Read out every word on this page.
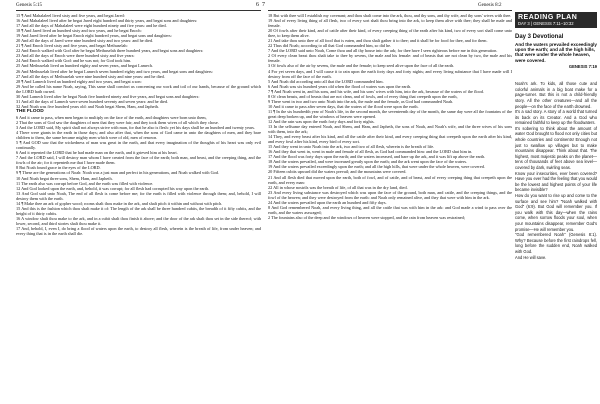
Genesis 5:15	6

15 ¶ And Mahalaleel lived sixty and five years, and begat Jared:

16 And Mahalaleel lived after he begat Jared eight hundred and thirty years, and begat sons and daughters:

17 And all the days of Mahalaleel were eight hundred ninety and five years: and he died.

18 ¶ And Jared lived an hundred sixty and two years, and he begat Enoch:

19 And Jared lived after he begat Enoch eight hundred years, and begat sons and daughters:

20 And all the days of Jared were nine hundred sixty and two years: and he died.

21 ¶ And Enoch lived sixty and five years, and begat Methuselah:

22 And Enoch walked with God after he begat Methuselah three hundred years, and begat sons and daughters:

23 And all the days of Enoch were three hundred sixty and five years:

24 And Enoch walked with God: and he was not; for God took him.

25 And Methuselah lived an hundred eighty and seven years, and begat Lamech.

26 And Methuselah lived after he begat Lamech seven hundred eighty and two years, and begat sons and daughters:

27 And all the days of Methuselah were nine hundred sixty and nine years: and he died.

28 ¶ And Lamech lived an hundred eighty and two years, and begat a son:

29 And he called his name Noah, saying, This same shall comfort us concerning our work and toil of our hands, because of the ground which the LORD hath cursed.

30 And Lamech lived after he begat Noah five hundred ninety and five years, and begat sons and daughters:

31 And all the days of Lamech were seven hundred seventy and seven years: and he died.

32 And Noah was five hundred years old: and Noah begat Shem, Ham, and Japheth.

THE FLOOD

6 And it came to pass, when men began to multiply on the face of the earth, and daughters were born unto them,

2 That the sons of God saw the daughters of men that they were fair; and they took them wives of all which they chose.

3 And the LORD said, My spirit shall not always strive with man, for that he also is flesh: yet his days shall be an hundred and twenty years.

4 There were giants in the earth in those days; and also after that, when the sons of God came in unto the daughters of men, and they bare children to them, the same became mighty men which were of old, men of renown.

5 ¶ And GOD saw that the wickedness of man was great in the earth, and that every imagination of the thoughts of his heart was only evil continually.

6 And it repented the LORD that he had made man on the earth, and it grieved him at his heart.

7 And the LORD said, I will destroy man whom I have created from the face of the earth; both man, and beast, and the creeping thing, and the fowls of the air; for it repenteth me that I have made them.

8 But Noah found grace in the eyes of the LORD.

9 ¶ These are the generations of Noah: Noah was a just man and perfect in his generations, and Noah walked with God.

10 And Noah begat three sons, Shem, Ham, and Japheth.

11 The earth also was corrupt before God, and the earth was filled with violence.

12 And God looked upon the earth, and, behold, it was corrupt; for all flesh had corrupted his way upon the earth.

13 And God said unto Noah, The end of all flesh is come before me; for the earth is filled with violence through them; and, behold, I will destroy them with the earth.

14 ¶ Make thee an ark of gopher wood; rooms shalt thou make in the ark, and shalt pitch it within and without with pitch.

15 And this is the fashion which thou shalt make it of: The length of the ark shall be three hundred cubits, the breadth of it fifty cubits, and the height of it thirty cubits.

16 A window shalt thou make to the ark, and in a cubit shalt thou finish it above; and the door of the ark shalt thou set in the side thereof; with lower, second, and third stories shalt thou make it.

17 And, behold, I, even I, do bring a flood of waters upon the earth, to destroy all flesh, wherein is the breath of life, from under heaven; and every thing that is in the earth shall die.

7	Genesis 8:2

18 But with thee will I establish my covenant; and thou shalt come into the ark, thou, and thy sons, and thy wife, and thy sons' wives with thee.

19 And of every living thing of all flesh, two of every sort shalt thou bring into the ark, to keep them alive with thee; they shall be male and female.

20 Of fowls after their kind, and of cattle after their kind, of every creeping thing of the earth after his kind, two of every sort shall come unto thee, to keep them alive.

21 And take thou unto thee of all food that is eaten, and thou shalt gather it to thee; and it shall be for food for thee, and for them.

22 Thus did Noah; according to all that God commanded him, so did he.

7 And the LORD said unto Noah, Come thou and all thy house into the ark; for thee have I seen righteous before me in this generation.

2 Of every clean beast thou shalt take to thee by sevens, the male and his female: and of beasts that are not clean by two, the male and his female.

3 Of fowls also of the air by sevens, the male and the female; to keep seed alive upon the face of all the earth.

4 For yet seven days, and I will cause it to rain upon the earth forty days and forty nights; and every living substance that I have made will I destroy from off the face of the earth.

5 And Noah did according unto all that the LORD commanded him.

6 And Noah was six hundred years old when the flood of waters was upon the earth.

7 ¶ And Noah went in, and his sons, and his wife, and his sons' wives with him, into the ark, because of the waters of the flood.

8 Of clean beasts, and of beasts that are not clean, and of fowls, and of every thing that creepeth upon the earth,

9 There went in two and two unto Noah into the ark, the male and the female, as God had commanded Noah.

10 And it came to pass after seven days, that the waters of the flood were upon the earth.

11 ¶ In the six hundredth year of Noah's life, in the second month, the seventeenth day of the month, the same day were all the fountains of the great deep broken up, and the windows of heaven were opened.

12 And the rain was upon the earth forty days and forty nights.

13 In the selfsame day entered Noah, and Shem, and Ham, and Japheth, the sons of Noah, and Noah's wife, and the three wives of his sons with them, into the ark;

14 They, and every beast after his kind, and all the cattle after their kind, and every creeping thing that creepeth upon the earth after his kind, and every fowl after his kind, every bird of every sort.

15 And they went in unto Noah into the ark, two and two of all flesh, wherein is the breath of life.

16 And they that went in, went in male and female of all flesh, as God had commanded him: and the LORD shut him in.

17 And the flood was forty days upon the earth; and the waters increased, and bare up the ark, and it was lift up above the earth.

18 And the waters prevailed, and were increased greatly upon the earth; and the ark went upon the face of the waters.

19 And the waters prevailed exceedingly upon the earth; and all the high hills, that were under the whole heaven, were covered.

20 Fifteen cubits upward did the waters prevail; and the mountains were covered.

21 And all flesh died that moved upon the earth, both of fowl, and of cattle, and of beast, and of every creeping thing that creepeth upon the earth, and every man:

22 All in whose nostrils was the breath of life, of all that was in the dry land, died.

23 And every living substance was destroyed which was upon the face of the ground, both man, and cattle, and the creeping things, and the fowl of the heaven; and they were destroyed from the earth: and Noah only remained alive, and they that were with him in the ark.

24 And the waters prevailed upon the earth an hundred and fifty days.

8 And God remembered Noah, and every living thing, and all the cattle that was with him in the ark: and God made a wind to pass over the earth, and the waters asswaged;

2 The fountains also of the deep and the windows of heaven were stopped, and the rain from heaven was restrained;

READING PLAN
DAY 3 | GENESIS 7:11–10:32
Day 3 Devotional
And the waters prevailed exceedingly upon the earth; and all the high hills, that were under the whole heaven, were covered.
GENESIS 7:19

Noah's ark. To kids, all those cute and colorful animals in a big boat make for a page-turner. But this is not a child-friendly story. All the other creatures—and all the people—on the face of the earth drowned.

It's a sad story. A story of a world that turned its back on its Creator. And a God who remained faithful to keep up the floodwaters.

It's sobering to think about the amount of water God brought to flood not only cities but whole countries and continents! Enough not just to swallow up villages but to make mountains disappear. Think about that. The highest, most majestic peaks on the planet—tens of thousands of feet above sea level—covered by dark, swirling seas.

Know your insecurities, ever been covered? Have you ever had the feeling that you would be the lowest and highest points of your life became invisible?

How do you want to rise up and come to the surface and see him? "Noah walked with God" (6:9). But God will remember you. If you walk with this day—when the rains come, when sorrow floods your soul, when your mountains disappear, remember God's promise—He will remember you.

"God remembered Noah" (Genesis 8:1). Why? Because before the first raindrops fell, long before the sudden end, Noah walked with God.

And He will save.
